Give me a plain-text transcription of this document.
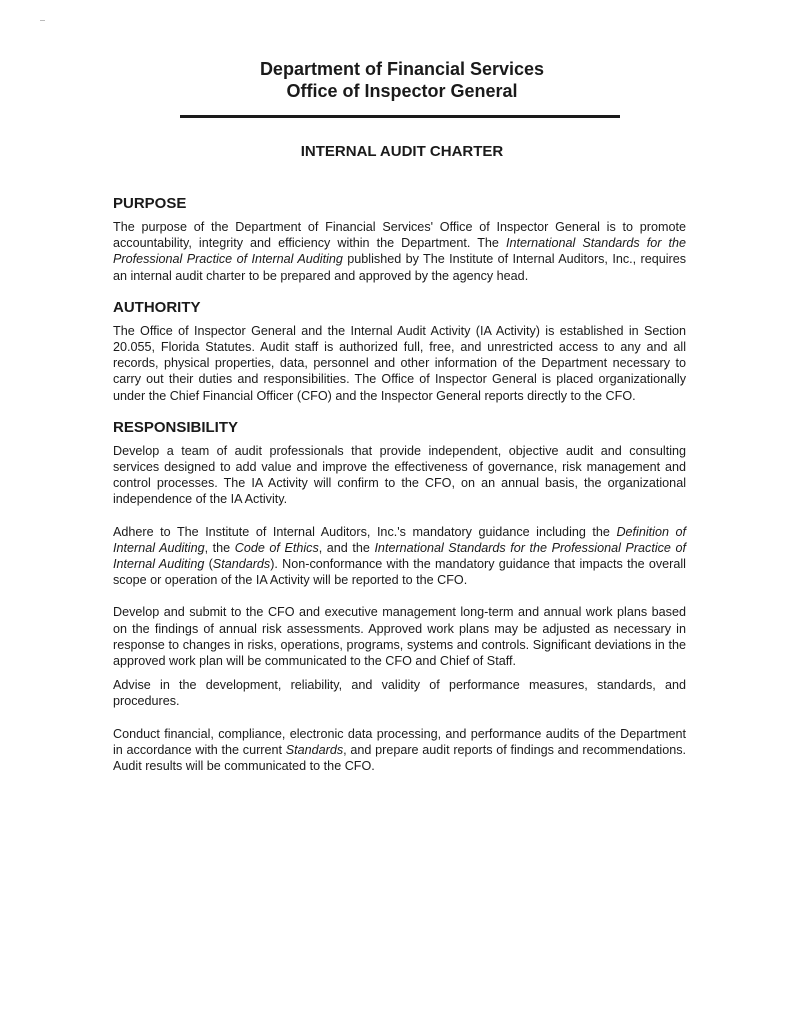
Department of Financial Services
Office of Inspector General
INTERNAL AUDIT CHARTER
PURPOSE

The purpose of the Department of Financial Services' Office of Inspector General is to promote accountability, integrity and efficiency within the Department. The International Standards for the Professional Practice of Internal Auditing published by The Institute of Internal Auditors, Inc., requires an internal audit charter to be prepared and approved by the agency head.

AUTHORITY

The Office of Inspector General and the Internal Audit Activity (IA Activity) is established in Section 20.055, Florida Statutes. Audit staff is authorized full, free, and unrestricted access to any and all records, physical properties, data, personnel and other information of the Department necessary to carry out their duties and responsibilities. The Office of Inspector General is placed organizationally under the Chief Financial Officer (CFO) and the Inspector General reports directly to the CFO.

RESPONSIBILITY

Develop a team of audit professionals that provide independent, objective audit and consulting services designed to add value and improve the effectiveness of governance, risk management and control processes. The IA Activity will confirm to the CFO, on an annual basis, the organizational independence of the IA Activity.

Adhere to The Institute of Internal Auditors, Inc.'s mandatory guidance including the Definition of Internal Auditing, the Code of Ethics, and the International Standards for the Professional Practice of Internal Auditing (Standards). Non-conformance with the mandatory guidance that impacts the overall scope or operation of the IA Activity will be reported to the CFO.

Develop and submit to the CFO and executive management long-term and annual work plans based on the findings of annual risk assessments. Approved work plans may be adjusted as necessary in response to changes in risks, operations, programs, systems and controls. Significant deviations in the approved work plan will be communicated to the CFO and Chief of Staff.

Advise in the development, reliability, and validity of performance measures, standards, and procedures.

Conduct financial, compliance, electronic data processing, and performance audits of the Department in accordance with the current Standards, and prepare audit reports of findings and recommendations. Audit results will be communicated to the CFO.
